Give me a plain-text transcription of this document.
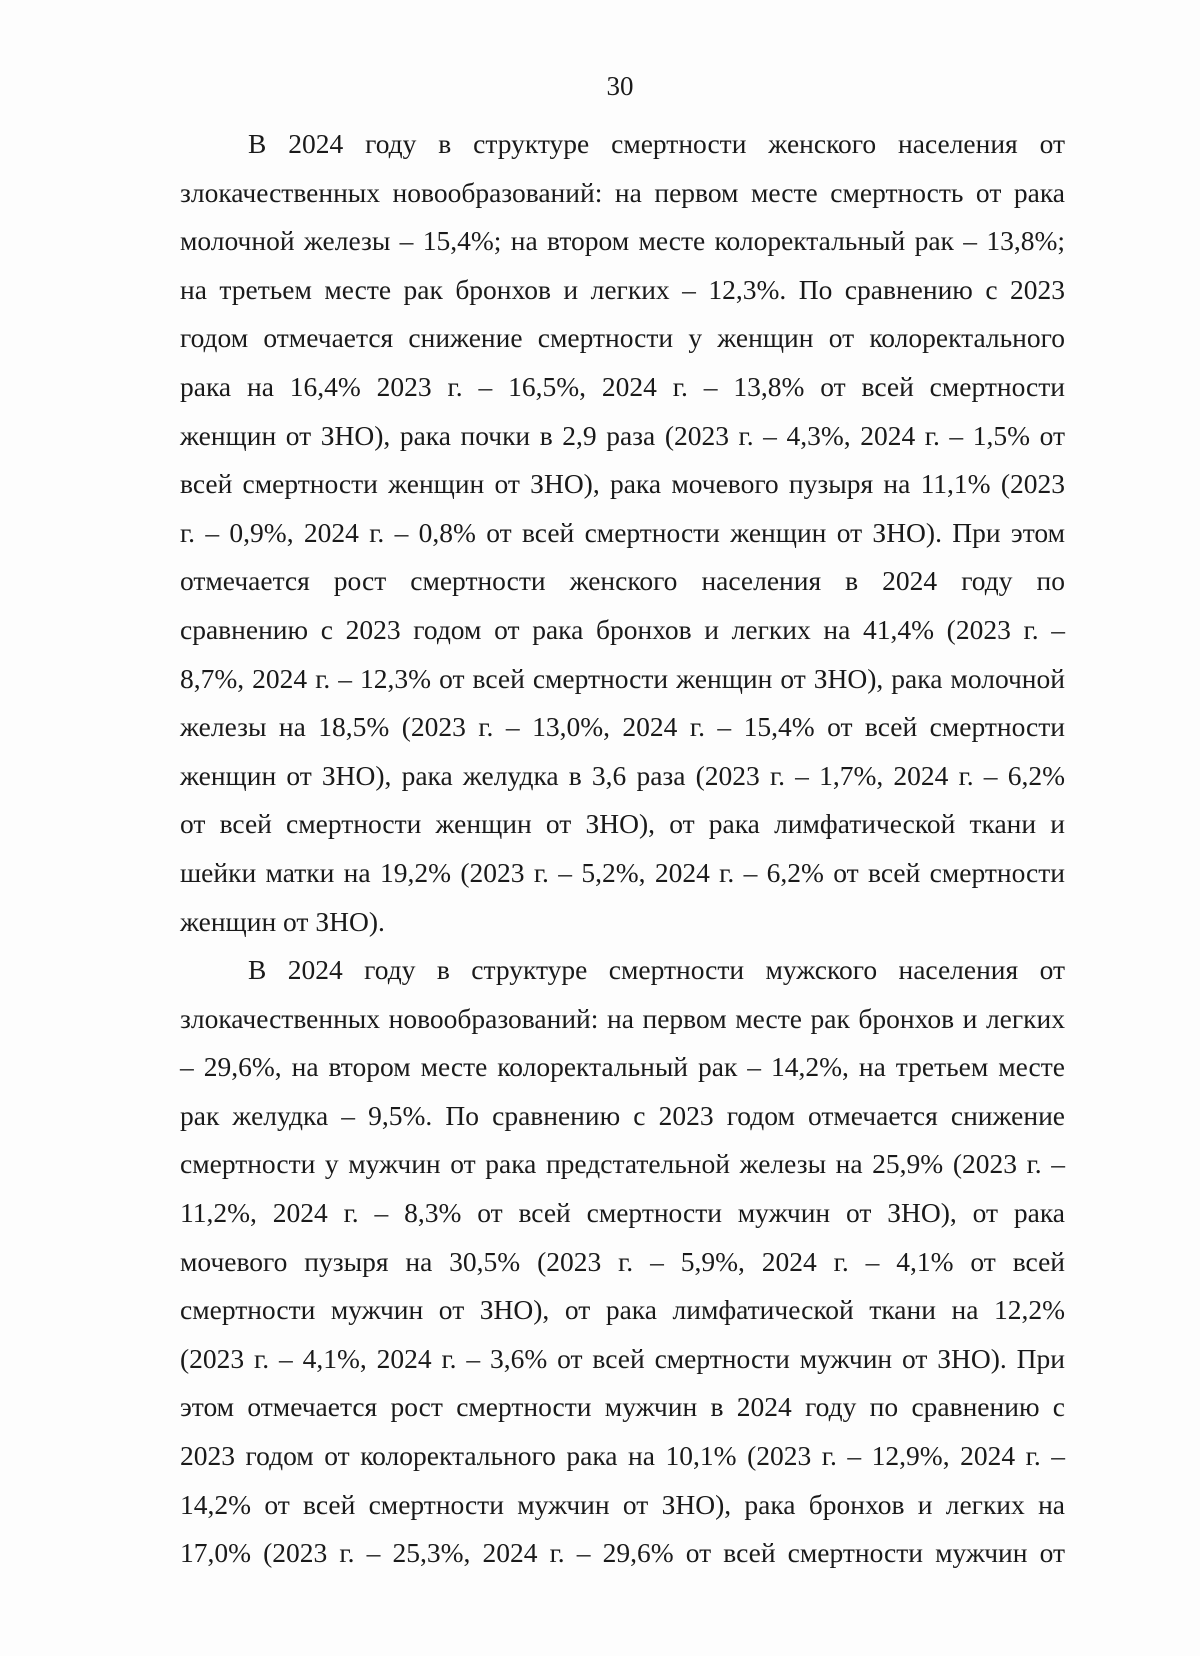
30

В 2024 году в структуре смертности женского населения от
злокачественных новообразований: на первом месте смертность от рака
молочной железы – 15,4%; на втором месте колоректальный рак – 13,8%;
на третьем месте рак бронхов и легких – 12,3%. По сравнению с 2023
годом отмечается снижение смертности у женщин от колоректального
рака на 16,4% 2023 г. – 16,5%, 2024 г. – 13,8% от всей смертности
женщин от ЗНО), рака почки в 2,9 раза (2023 г. – 4,3%, 2024 г. – 1,5% от
всей смертности женщин от ЗНО), рака мочевого пузыря на 11,1% (2023
г. – 0,9%, 2024 г. – 0,8% от всей смертности женщин от ЗНО). При этом
отмечается рост смертности женского населения в 2024 году по
сравнению с 2023 годом от рака бронхов и легких на 41,4% (2023 г. –
8,7%, 2024 г. – 12,3% от всей смертности женщин от ЗНО), рака молочной
железы на 18,5% (2023 г. – 13,0%, 2024 г. – 15,4% от всей смертности
женщин от ЗНО), рака желудка в 3,6 раза (2023 г. – 1,7%, 2024 г. – 6,2%
от всей смертности женщин от ЗНО), от рака лимфатической ткани и
шейки матки на 19,2% (2023 г. – 5,2%, 2024 г. – 6,2% от всей смертности
женщин от ЗНО).

В 2024 году в структуре смертности мужского населения от
злокачественных новообразований: на первом месте рак бронхов и легких
– 29,6%, на втором месте колоректальный рак – 14,2%, на третьем месте
рак желудка – 9,5%. По сравнению с 2023 годом отмечается снижение
смертности у мужчин от рака предстательной железы на 25,9% (2023 г. –
11,2%, 2024 г. – 8,3% от всей смертности мужчин от ЗНО), от рака
мочевого пузыря на 30,5% (2023 г. – 5,9%, 2024 г. – 4,1% от всей
смертности мужчин от ЗНО), от рака лимфатической ткани на 12,2%
(2023 г. – 4,1%, 2024 г. – 3,6% от всей смертности мужчин от ЗНО). При
этом отмечается рост смертности мужчин в 2024 году по сравнению с
2023 годом от колоректального рака на 10,1% (2023 г. – 12,9%, 2024 г. –
14,2% от всей смертности мужчин от ЗНО), рака бронхов и легких на
17,0% (2023 г. – 25,3%, 2024 г. – 29,6% от всей смертности мужчин от
